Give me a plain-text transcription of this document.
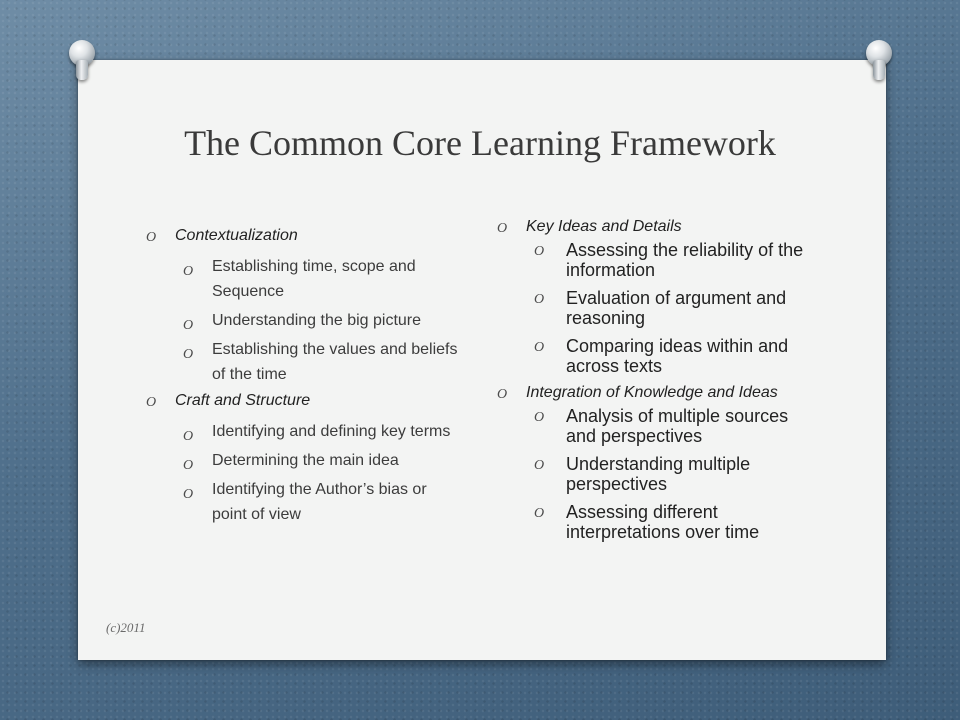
The Common Core Learning Framework
O Contextualization
O Establishing time, scope and Sequence
O Understanding the big picture
O Establishing the values and beliefs of the time
O Craft and Structure
O Identifying and defining key terms
O Determining the main idea
O Identifying the Author’s bias or point of view
O Key Ideas and Details
O Assessing the reliability of the information
O Evaluation of argument and reasoning
O Comparing ideas within and across texts
O Integration of Knowledge and Ideas
O Analysis of multiple sources and perspectives
O Understanding multiple perspectives
O Assessing different interpretations over time
(c)2011
